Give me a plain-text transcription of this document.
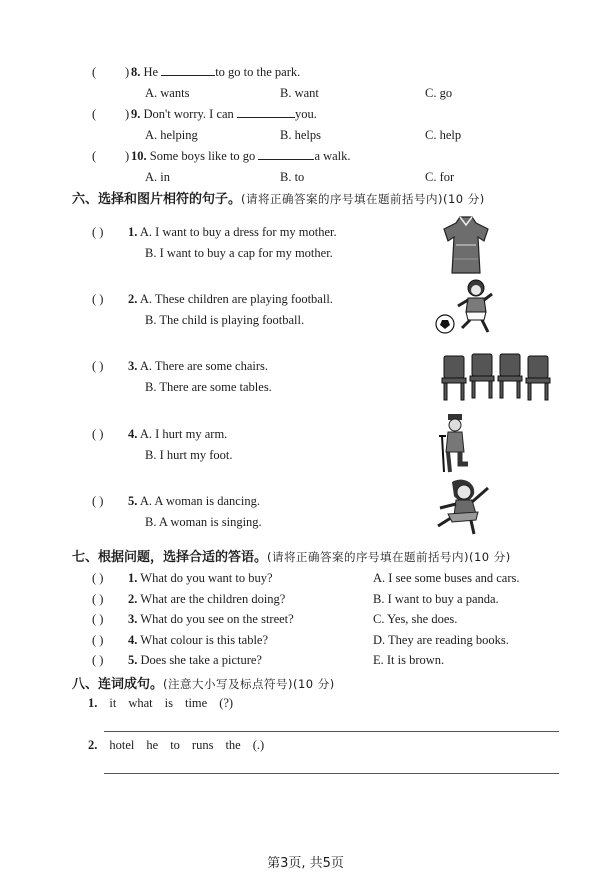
( ) 8. He	to go to the park.
A. wants	B. want	C. go
( ) 9. Don't worry. I can	you.
A. helping	B. helps	C. help
( ) 10. Some boys like to go	a walk.
A. in	B. to	C. for
六、选择和图片相符的句子。(请将正确答案的序号填在题前括号内)(10 分)
( ) 1. A. I want to buy a dress for my mother.
B. I want to buy a cap for my mother.
( ) 2. A. These children are playing football.
B. The child is playing football.
( ) 3. A. There are some chairs.
B. There are some tables.
( ) 4. A. I hurt my arm.
B. I hurt my foot.
( ) 5. A. A woman is dancing.
B. A woman is singing.
七、根据问题，选择合适的答语。(请将正确答案的序号填在题前括号内)(10 分)
( ) 1. What do you want to buy?	A. I see some buses and cars.
( ) 2. What are the children doing?	B. I want to buy a panda.
( ) 3. What do you see on the street?	C. Yes, she does.
( ) 4. What colour is this table?	D. They are reading books.
( ) 5. Does she take a picture?	E. It is brown.
八、连词成句。(注意大小写及标点符号)(10 分)
1. it what is time (?)
2. hotel he to runs the (.)
第3页, 共5页
